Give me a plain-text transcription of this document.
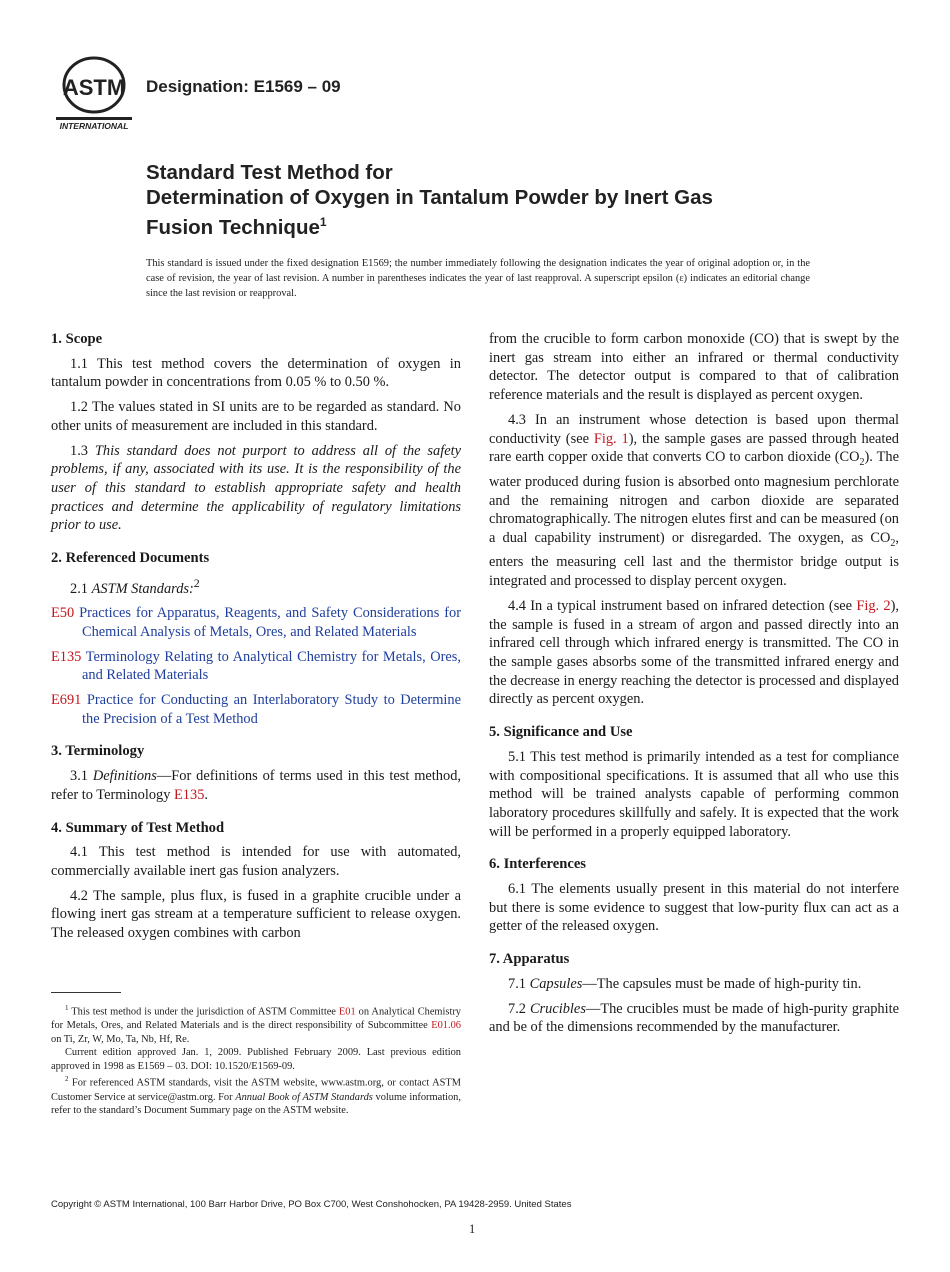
ASTM
INTERNATIONAL
Designation: E1569 – 09
Standard Test Method for
Determination of Oxygen in Tantalum Powder by Inert Gas
Fusion Technique$^1$
This standard is issued under the fixed designation E1569; the number immediately following the designation indicates the year of original adoption or, in the case of revision, the year of last revision. A number in parentheses indicates the year of last reapproval. A superscript epsilon (ε) indicates an editorial change since the last revision or reapproval.
1. Scope

1.1 This test method covers the determination of oxygen in tantalum powder in concentrations from 0.05 % to 0.50 %.

1.2 The values stated in SI units are to be regarded as standard. No other units of measurement are included in this standard.

1.3 This standard does not purport to address all of the safety problems, if any, associated with its use. It is the responsibility of the user of this standard to establish appropriate safety and health practices and determine the applicability of regulatory limitations prior to use.

2. Referenced Documents

2.1 ASTM Standards:$^2$

E50 Practices for Apparatus, Reagents, and Safety Considerations for Chemical Analysis of Metals, Ores, and Related Materials

E135 Terminology Relating to Analytical Chemistry for Metals, Ores, and Related Materials

E691 Practice for Conducting an Interlaboratory Study to Determine the Precision of a Test Method

3. Terminology

3.1 Definitions—For definitions of terms used in this test method, refer to Terminology E135.

4. Summary of Test Method

4.1 This test method is intended for use with automated, commercially available inert gas fusion analyzers.

4.2 The sample, plus flux, is fused in a graphite crucible under a flowing inert gas stream at a temperature sufficient to release oxygen. The released oxygen combines with carbon

from the crucible to form carbon monoxide (CO) that is swept by the inert gas stream into either an infrared or thermal conductivity detector. The detector output is compared to that of calibration reference materials and the result is displayed as percent oxygen.

4.3 In an instrument whose detection is based upon thermal conductivity (see Fig. 1), the sample gases are passed through heated rare earth copper oxide that converts CO to carbon dioxide $(CO_2)$. The water produced during fusion is absorbed onto magnesium perchlorate and the remaining nitrogen and carbon dioxide are separated chromatographically. The nitrogen elutes first and can be measured (on a dual capability instrument) or disregarded. The oxygen, as $CO_2$, enters the measuring cell last and the thermistor bridge output is integrated and processed to display percent oxygen.

4.4 In a typical instrument based on infrared detection (see Fig. 2), the sample is fused in a stream of argon and passed directly into an infrared cell through which infrared energy is transmitted. The CO in the sample gases absorbs some of the transmitted infrared energy and the decrease in energy reaching the detector is processed and displayed directly as percent oxygen.

5. Significance and Use

5.1 This test method is primarily intended as a test for compliance with compositional specifications. It is assumed that all who use this method will be trained analysts capable of performing common laboratory procedures skillfully and safely. It is expected that the work will be performed in a properly equipped laboratory.

6. Interferences

6.1 The elements usually present in this material do not interfere but there is some evidence to suggest that low-purity flux can act as a getter of the released oxygen.

7. Apparatus

7.1 Capsules—The capsules must be made of high-purity tin.

7.2 Crucibles—The crucibles must be made of high-purity graphite and be of the dimensions recommended by the manufacturer.

$^1$ This test method is under the jurisdiction of ASTM Committee E01 on Analytical Chemistry for Metals, Ores, and Related Materials and is the direct responsibility of Subcommittee E01.06 on Ti, Zr, W, Mo, Ta, Nb, Hf, Re.

Current edition approved Jan. 1, 2009. Published February 2009. Last previous edition approved in 1998 as E1569 – 03. DOI: 10.1520/E1569-09.

$^2$ For referenced ASTM standards, visit the ASTM website, www.astm.org, or contact ASTM Customer Service at service@astm.org. For Annual Book of ASTM Standards volume information, refer to the standard’s Document Summary page on the ASTM website.

Copyright © ASTM International, 100 Barr Harbor Drive, PO Box C700, West Conshohocken, PA 19428-2959. United States
1
